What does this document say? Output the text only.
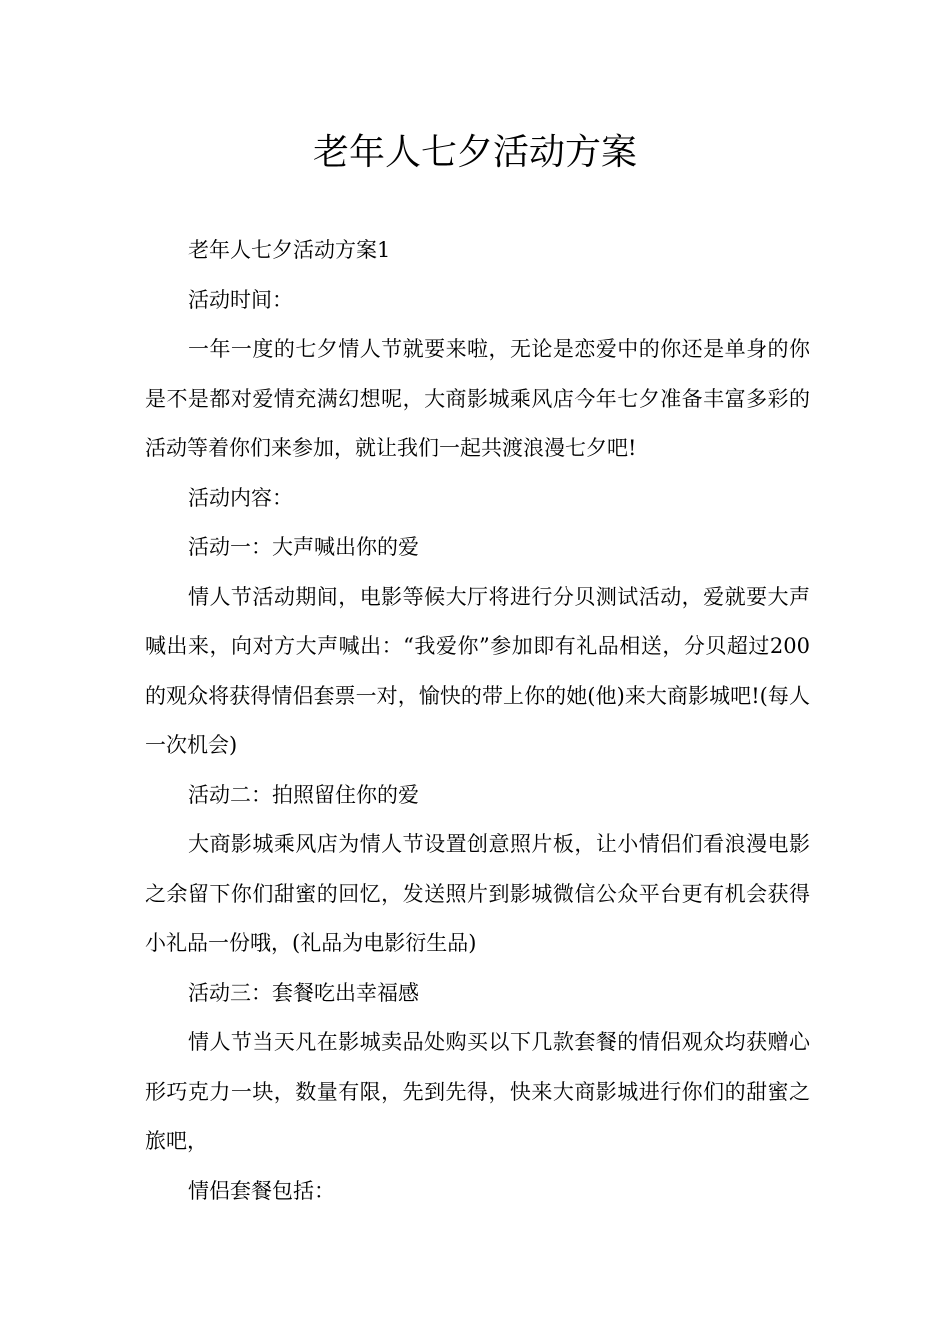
老年人七夕活动方案

老年人七夕活动方案1

活动时间：

一年一度的七夕情人节就要来啦，无论是恋爱中的你还是单身的你是不是都对爱情充满幻想呢，大商影城乘风店今年七夕准备丰富多彩的活动等着你们来参加，就让我们一起共渡浪漫七夕吧!

活动内容：

活动一：大声喊出你的爱

情人节活动期间，电影等候大厅将进行分贝测试活动，爱就要大声喊出来，向对方大声喊出：“我爱你”参加即有礼品相送，分贝超过200的观众将获得情侣套票一对，愉快的带上你的她(他)来大商影城吧!(每人一次机会)

活动二：拍照留住你的爱

大商影城乘风店为情人节设置创意照片板，让小情侣们看浪漫电影之余留下你们甜蜜的回忆，发送照片到影城微信公众平台更有机会获得小礼品一份哦，(礼品为电影衍生品)

活动三：套餐吃出幸福感

情人节当天凡在影城卖品处购买以下几款套餐的情侣观众均获赠心形巧克力一块，数量有限，先到先得，快来大商影城进行你们的甜蜜之旅吧，

情侣套餐包括：
